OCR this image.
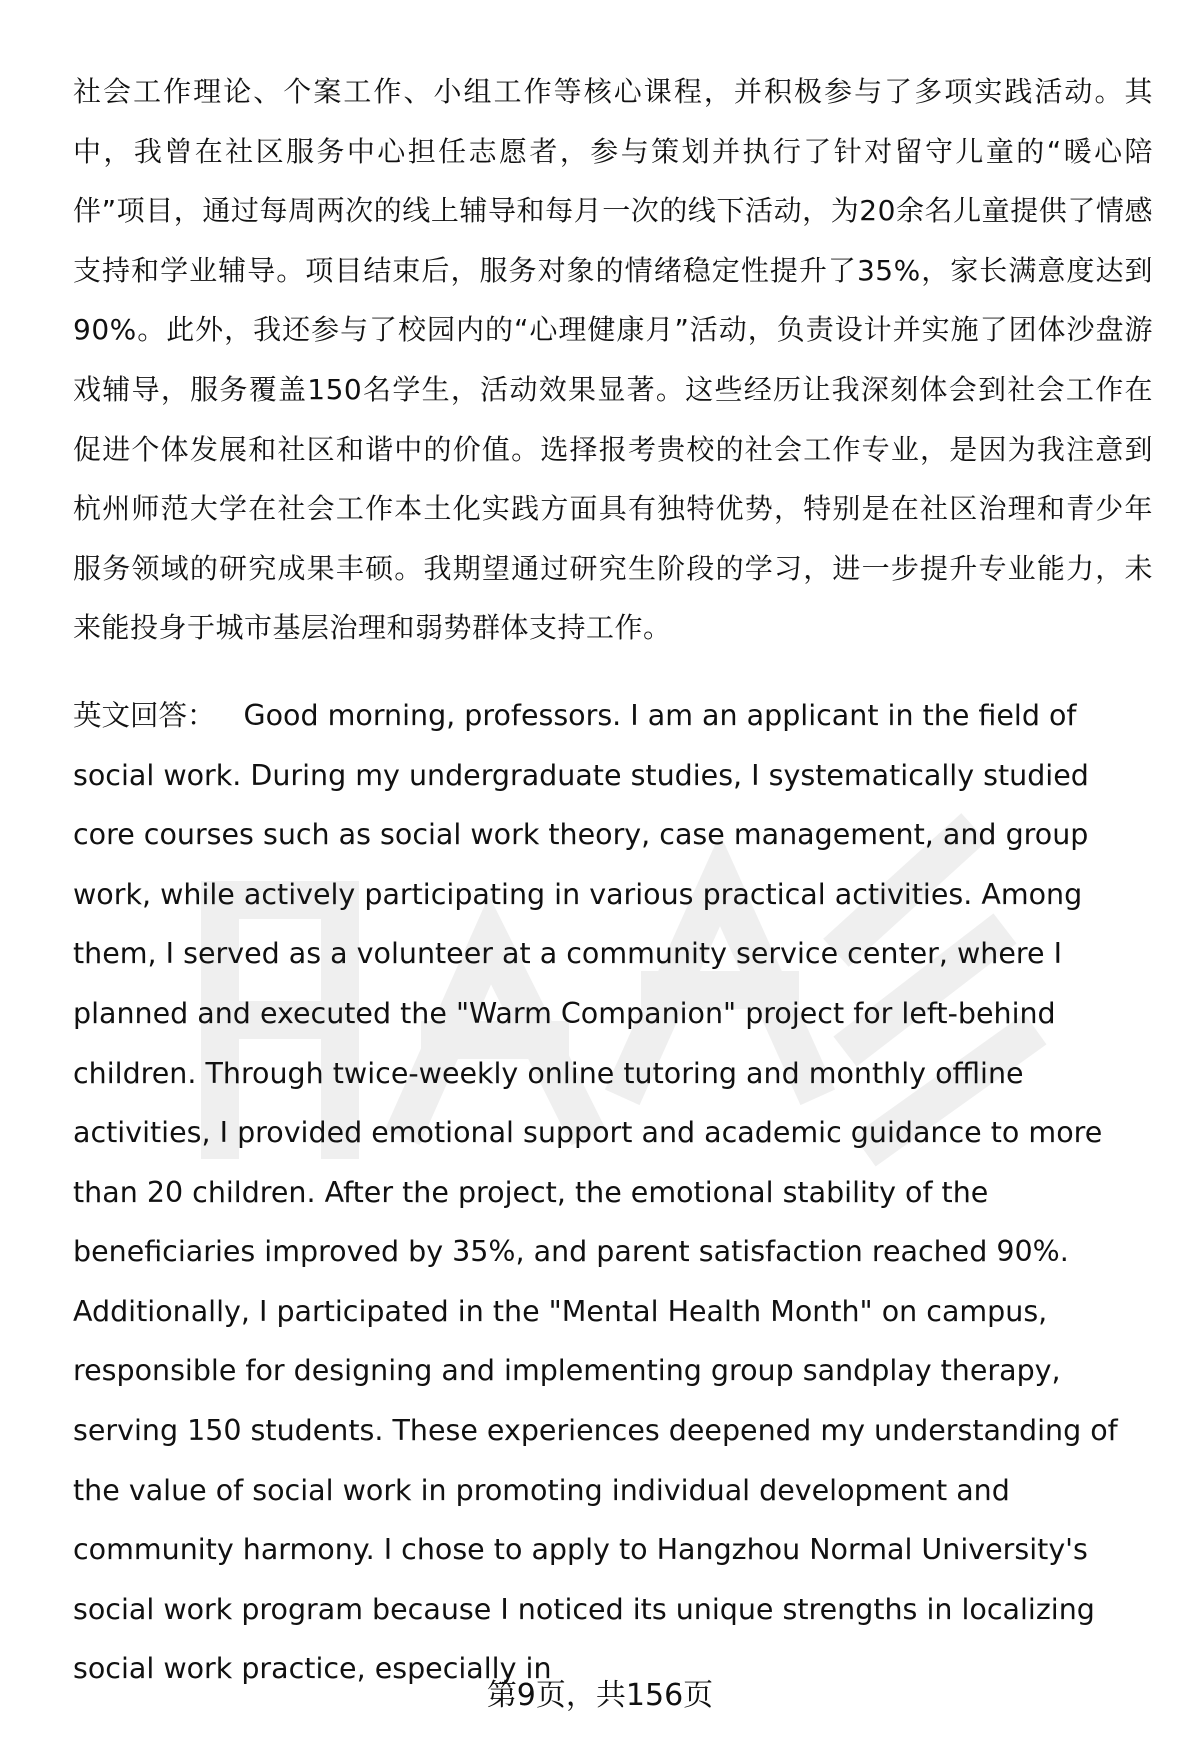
社会工作理论、个案工作、小组工作等核心课程，并积极参与了多项实践活动。其中，我曾在社区服务中心担任志愿者，参与策划并执行了针对留守儿童的“暖心陪伴”项目，通过每周两次的线上辅导和每月一次的线下活动，为20余名儿童提供了情感支持和学业辅导。项目结束后，服务对象的情绪稳定性提升了35%，家长满意度达到90%。此外，我还参与了校园内的“心理健康月”活动，负责设计并实施了团体沙盘游戏辅导，服务覆盖150名学生，活动效果显著。这些经历让我深刻体会到社会工作在促进个体发展和社区和谐中的价值。选择报考贵校的社会工作专业，是因为我注意到杭州师范大学在社会工作本土化实践方面具有独特优势，特别是在社区治理和青少年服务领域的研究成果丰硕。我期望通过研究生阶段的学习，进一步提升专业能力，未来能投身于城市基层治理和弱势群体支持工作。

英文回答： Good morning, professors. I am an applicant in the field of social work. During my undergraduate studies, I systematically studied core courses such as social work theory, case management, and group work, while actively participating in various practical activities. Among them, I served as a volunteer at a community service center, where I planned and executed the "Warm Companion" project for left-behind children. Through twice-weekly online tutoring and monthly offline activities, I provided emotional support and academic guidance to more than 20 children. After the project, the emotional stability of the beneficiaries improved by 35%, and parent satisfaction reached 90%. Additionally, I participated in the "Mental Health Month" on campus, responsible for designing and implementing group sandplay therapy, serving 150 students. These experiences deepened my understanding of the value of social work in promoting individual development and community harmony. I chose to apply to Hangzhou Normal University's social work program because I noticed its unique strengths in localizing social work practice, especially in

第9页，共156页
